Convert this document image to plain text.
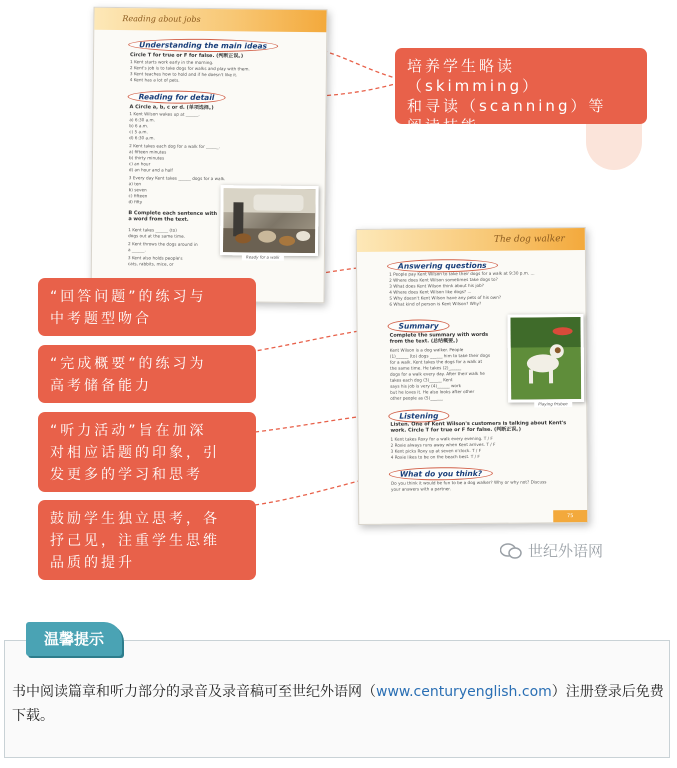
Reading about jobs
Understanding the main ideas
Circle T for true or F for false. (判断正误。)
1 Kent starts work early in the morning.
2 Kent's job is to take dogs for walks and play with them.
3 Kent teaches how to hold and if he doesn't like it.
4 Kent has a lot of pets.
Reading for detail
A Circle a, b, c or d. (单项选择。)
1 Kent Wilson wakes up at ______.
a) 6:30 a.m.
b) 6 a.m.
c) 5 a.m.
d) 6:30 a.m.
2 Kent takes each dog for a walk for ______.
a) fifteen minutes
b) thirty minutes
c) an hour
d) an hour and a half
3 Every day Kent takes ______ dogs for a walk.
a) ten
b) seven
c) fifteen
d) fifty
B Complete each sentence with a word from the text.
1 Kent takes ______ (to)
dogs out at the same time.
2 Kent throws the dogs around in
a ______.
3 Kent also holds people's
cats, rabbits, mice, or
Ready for a walk
The dog walker
Answering questions
1 People pay Kent Wilson to take their dogs for a walk at 9:30 p.m. ...
2 Where does Kent Wilson sometimes take dogs to?
3 What does Kent Wilson think about his job?
4 Where does Kent Wilson like dogs? ...
5 Why doesn't Kent Wilson have any pets of his own?
6 What kind of person is Kent Wilson? Why?
Summary
Complete the summary with words from the text. (总结概要。)
Kent Wilson is a dog walker. People
(1)______ (to) dogs ______ him to take their dogs
for a walk. Kent takes the dogs for a walk at
the same time. He takes (2)______
dogs for a walk every day. After their walk he
takes each dog (3)______ Kent
says his job is very (4)______ work
but he loves it. He also looks after other
other people as (5)______
Playing frisbee
Listening
Listen. One of Kent Wilson's customers is talking about Kent's work. Circle T for true or F for false. (判断正误。)
1 Kent takes Roxy for a walk every evening. T / F
2 Roxie always runs away when Kent arrives. T / F
3 Kent picks Roxy up at seven o'clock. T / F
4 Roxie likes to be on the beach best. T / F
What do you think?
Do you think it would be fun to be a dog walker? Why or why not? Discuss
your answers with a partner.
75
培养学生略读（skimming）
和寻读（scanning）等
阅读技能
“回答问题”的练习与
中考题型吻合
“完成概要”的练习为
高考储备能力
“听力活动”旨在加深
对相应话题的印象，引
发更多的学习和思考
鼓励学生独立思考，各
抒己见，注重学生思维
品质的提升
世纪外语网
温馨提示
书中阅读篇章和听力部分的录音及录音稿可至世纪外语网（www.centuryenglish.com）注册登录后免费下载。
